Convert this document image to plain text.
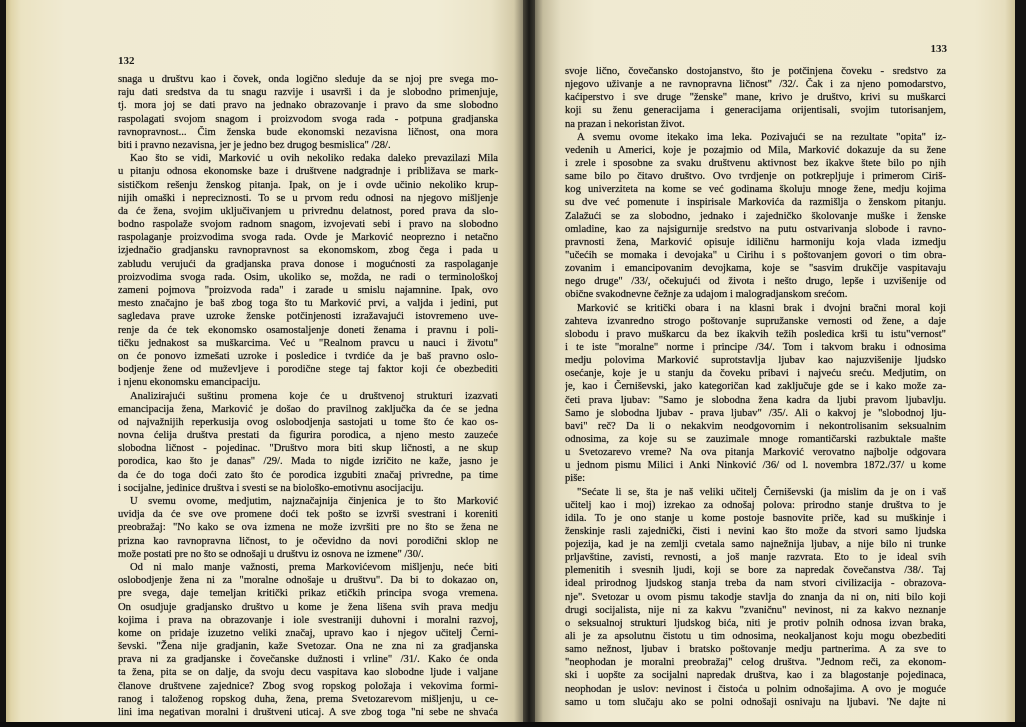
132
snaga u društvu kao i čovek, onda logično sleduje da se njoj pre svega mo-
raju dati sredstva da tu snagu razvije i usavrši i da je slobodno primenjuje,
tj. mora joj se dati pravo na jednako obrazovanje i pravo da sme slobodno
raspolagati svojom snagom i proizvodom svoga rada - potpuna gradjanska
ravnopravnost... Čim ženska bude ekonomski nezavisna ličnost, ona mora
biti i pravno nezavisna, jer je jedno bez drugog besmislica" /28/.
Kao što se vidi, Marković u ovih nekoliko redaka daleko prevazilazi Mila
u pitanju odnosa ekonomske baze i društvene nadgradnje i približava se mark-
sističkom rešenju ženskog pitanja. Ipak, on je i ovde učinio nekoliko krup-
nijih omaški i nepreciznosti. To se u prvom redu odnosi na njegovo mišljenje
da će žena, svojim uključivanjem u privrednu delatnost, pored prava da slo-
bodno raspolaže svojom radnom snagom, izvojevati sebi i pravo na slobodno
raspolaganje proizvodima svoga rada. Ovde je Marković neoprezno i netačno
izjednačio gradjansku ravnopravnost sa ekonomskom, zbog čega i pada u
zabludu verujući da gradjanska prava donose i mogućnosti za raspolaganje
proizvodima svoga rada. Osim, ukoliko se, možda, ne radi o terminološkoj
zameni pojmova "proizvoda rada" i zarade u smislu najamnine. Ipak, ovo
mesto značajno je baš zbog toga što tu Marković prvi, a valjda i jedini, put
sagledava prave uzroke ženske potčinjenosti izražavajući istovremeno uve-
renje da će tek ekonomsko osamostaljenje doneti ženama i pravnu i poli-
tičku jednakost sa muškarcima. Već u "Realnom pravcu u nauci i životu"
on će ponovo izmešati uzroke i posledice i tvrdiće da je baš pravno oslo-
bodjenje žene od muževljeve i porodične stege taj faktor koji će obezbediti
i njenu ekonomsku emancipaciju.
Analizirajući suštinu promena koje će u društvenoj strukturi izazvati
emancipacija žena, Marković je došao do pravilnog zaključka da će se jedna
od najvažnijih reperkusija ovog oslobodjenja sastojati u tome što će kao os-
novna ćelija društva prestati da figurira porodica, a njeno mesto zauzeće
slobodna ličnost - pojedinac. "Društvo mora biti skup ličnosti, a ne skup
porodica, kao što je danas" /29/. Mada to nigde izričito ne kaže, jasno je
da će do toga doći zato što će porodica izgubiti značaj privredne, pa time
i socijalne, jedinice društva i svesti se na biološko-emotivnu asocijaciju.
U svemu ovome, medjutim, najznačajnija činjenica je to što Marković
uvidja da će sve ove promene doći tek pošto se izvrši svestrani i koreniti
preobražaj: "No kako se ova izmena ne može izvršiti pre no što se žena ne
prizna kao ravnopravna ličnost, to je očevidno da novi porodični sklop ne
može postati pre no što se odnošaji u društvu iz osnova ne izmene" /30/.
Od ni malo manje važnosti, prema Markovićevom mišljenju, neće biti
oslobodjenje žena ni za "moralne odnošaje u društvu". Da bi to dokazao on,
pre svega, daje temeljan kritički prikaz etičkih principa svoga vremena.
On osudjuje gradjansko društvo u kome je žena lišena svih prava medju
kojima i prava na obrazovanje i iole svestraniji duhovni i moralni razvoj,
kome on pridaje izuzetno veliki značaj, upravo kao i njegov učitelj Černi-
ševski. "Žena nije gradjanin, kaže Svetozar. Ona ne zna ni za gradjanska
prava ni za gradjanske i čovečanske dužnosti i vrline" /31/. Kako će onda
ta žena, pita se on dalje, da svoju decu vaspitava kao slobodne ljude i valjane
članove društvene zajednice? Zbog svog ropskog položaja i vekovima formi-
ranog i taloženog ropskog duha, žena, prema Svetozarevom mišljenju, u ce-
lini ima negativan moralni i društveni uticaj. A sve zbog toga "ni sebe ne shvaća
133
svoje lično, čovečansko dostojanstvo, što je potčinjena čoveku - sredstvo za
njegovo uživanje a ne ravnopravna ličnost" /32/. Čak i za njeno pomodarstvo,
kaćiperstvo i sve druge "ženske" mane, krivo je društvo, krivi su muškarci
koji su ženu generacijama i generacijama orijentisali, svojim tutorisanjem,
na prazan i nekoristan život.
A svemu ovome itekako ima leka. Pozivajući se na rezultate "opita" iz-
vedenih u Americi, koje je pozajmio od Mila, Marković dokazuje da su žene
i zrele i sposobne za svaku društvenu aktivnost bez ikakve štete bilo po njih
same bilo po čitavo društvo. Ovo tvrdjenje on potkrepljuje i primerom Ciriš-
kog univerziteta na kome se već godinama školuju mnoge žene, medju kojima
su dve već pomenute i inspirisale Markovića da razmišlja o ženskom pitanju.
Zalažući se za slobodno, jednako i zajedničko školovanje muške i ženske
omladine, kao za najsigurnije sredstvo na putu ostvarivanja slobode i ravno-
pravnosti žena, Marković opisuje idiličnu harmoniju koja vlada izmedju
"učećih se momaka i devojaka" u Cirihu i s poštovanjem govori o tim obra-
zovanim i emancipovanim devojkama, koje se "sasvim drukčije vaspitavaju
nego druge" /33/, očekujući od života i nešto drugo, lepše i uzvišenije od
obične svakodnevne čežnje za udajom i malogradjanskom srećom.
Marković se kritički obara i na klasni brak i dvojni bračni moral koji
zahteva izvanredno strogo poštovanje supružanske vernosti od žene, a daje
slobodu i pravo muškarcu da bez ikakvih težih posledica krši tu istu"vernost"
i te iste "moralne" norme i principe /34/. Tom i takvom braku i odnosima
medju polovima Marković suprotstavlja ljubav kao najuzvišenije ljudsko
osećanje, koje je u stanju da čoveku pribavi i najveću sreću. Medjutim, on
je, kao i Černiševski, jako kategoričan kad zaključuje gde se i kako može za-
četi prava ljubav: "Samo je slobodna žena kadra da ljubi pravom ljubavlju.
Samo je slobodna ljubav - prava ljubav" /35/. Ali o kakvoj je "slobodnoj lju-
bavi" reč? Da li o nekakvim neodgovornim i nekontrolisanim seksualnim
odnosima, za koje su se zauzimale mnoge romantičarski razbuktale mašte
u Svetozarevo vreme? Na ova pitanja Marković verovatno najbolje odgovara
u jednom pismu Milici i Anki Ninković /36/ od l. novembra 1872./37/ u kome
piše:
"Sećate li se, šta je naš veliki učitelj Černiševski (ja mislim da je on i vaš
učitelj kao i moj) izrekao za odnošaj polova: prirodno stanje društva to je
idila. To je ono stanje u kome postoje basnovite priče, kad su muškinje i
ženskinje rasli zajednički, čisti i nevini kao što može da stvori samo ljudska
pojezija, kad je na zemlji cvetala samo najnežnija ljubav, a nije bilo ni trunke
prljavštine, zavisti, revnosti, a još manje razvrata. Eto to je ideal svih
plemenitih i svesnih ljudi, koji se bore za napredak čovečanstva /38/. Taj
ideal prirodnog ljudskog stanja treba da nam stvori civilizacija - obrazova-
nje". Svetozar u ovom pismu takodje stavlja do znanja da ni on, niti bilo koji
drugi socijalista, nije ni za kakvu "zvaničnu" nevinost, ni za kakvo neznanje
o seksualnoj strukturi ljudskog bića, niti je protiv polnih odnosa izvan braka,
ali je za apsolutnu čistotu u tim odnosima, neokaljanost koju mogu obezbediti
samo nežnost, ljubav i bratsko poštovanje medju partnerima. A za sve to
"neophodan je moralni preobražaj" celog društva. "Jednom reči, za ekonom-
ski i uopšte za socijalni napredak društva, kao i za blagostanje pojedinaca,
neophodan je uslov: nevinost i čistoća u polnim odnošajima. A ovo je moguće
samo u tom slučaju ako se polni odnošaji osnivaju na ljubavi. 'Ne dajte ni
